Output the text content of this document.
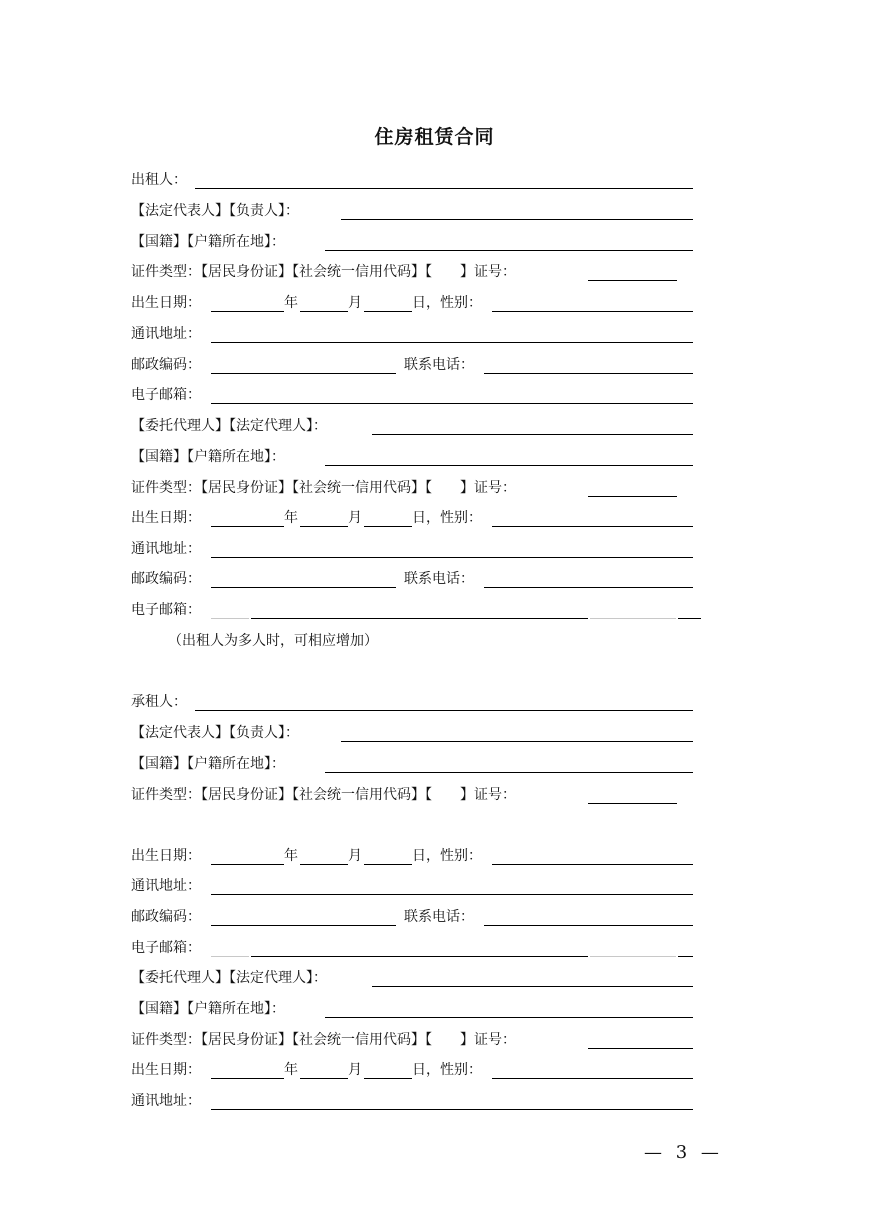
住房租赁合同
出租人：
【法定代表人】【负责人】：
【国籍】【户籍所在地】：
证件类型：【居民身份证】【社会统一信用代码】【　　】证号：
出生日期：	年	月	日，性别：
通讯地址：
邮政编码：	联系电话：
电子邮箱：
【委托代理人】【法定代理人】：
【国籍】【户籍所在地】：
证件类型：【居民身份证】【社会统一信用代码】【　　】证号：
出生日期：	年	月	日，性别：
通讯地址：
邮政编码：	联系电话：
电子邮箱：
（出租人为多人时，可相应增加）
承租人：
【法定代表人】【负责人】：
【国籍】【户籍所在地】：
证件类型：【居民身份证】【社会统一信用代码】【　　】证号：
出生日期：	年	月	日，性别：
通讯地址：
邮政编码：	联系电话：
电子邮箱：
【委托代理人】【法定代理人】：
【国籍】【户籍所在地】：
证件类型：【居民身份证】【社会统一信用代码】【　　】证号：
出生日期：	年	月	日，性别：
通讯地址：
— 3 —
